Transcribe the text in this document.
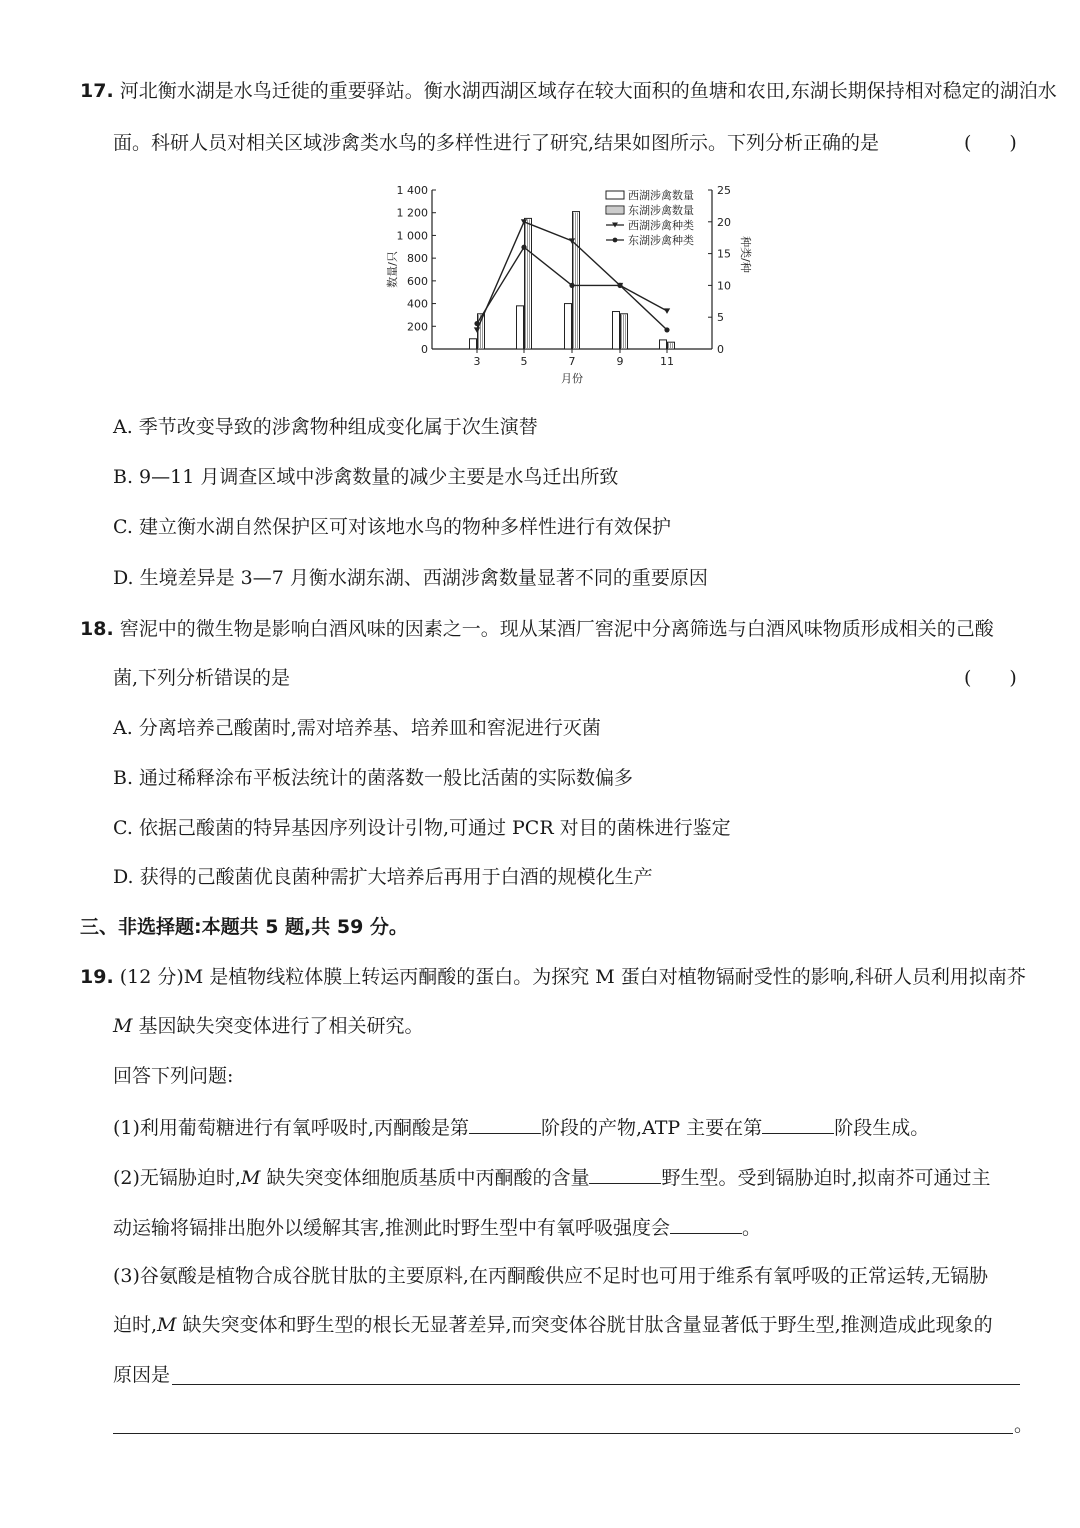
17. 河北衡水湖是水鸟迁徙的重要驿站。衡水湖西湖区域存在较大面积的鱼塘和农田,东湖长期保持相对稳定的湖泊水
面。科研人员对相关区域涉禽类水鸟的多样性进行了研究,结果如图所示。下列分析正确的是	(　　)
0
200
400
600
800
1 000
1 200
1 400
0
5
10
15
20
25
3	5	7	9	11
月份
数量/只	种类/种
西湖涉禽数量
东湖涉禽数量
西湖涉禽种类
东湖涉禽种类
A. 季节改变导致的涉禽物种组成变化属于次生演替
B. 9—11 月调查区域中涉禽数量的减少主要是水鸟迁出所致
C. 建立衡水湖自然保护区可对该地水鸟的物种多样性进行有效保护
D. 生境差异是 3—7 月衡水湖东湖、西湖涉禽数量显著不同的重要原因
18. 窖泥中的微生物是影响白酒风味的因素之一。现从某酒厂窖泥中分离筛选与白酒风味物质形成相关的己酸
菌,下列分析错误的是	(　　)
A. 分离培养己酸菌时,需对培养基、培养皿和窖泥进行灭菌
B. 通过稀释涂布平板法统计的菌落数一般比活菌的实际数偏多
C. 依据己酸菌的特异基因序列设计引物,可通过 PCR 对目的菌株进行鉴定
D. 获得的己酸菌优良菌种需扩大培养后再用于白酒的规模化生产
三、非选择题:本题共 5 题,共 59 分。
19. (12 分)M 是植物线粒体膜上转运丙酮酸的蛋白。为探究 M 蛋白对植物镉耐受性的影响,科研人员利用拟南芥
M 基因缺失突变体进行了相关研究。
回答下列问题:
(1)利用葡萄糖进行有氧呼吸时,丙酮酸是第	阶段的产物,ATP 主要在第	阶段生成。
(2)无镉胁迫时,M 缺失突变体细胞质基质中丙酮酸的含量	野生型。受到镉胁迫时,拟南芥可通过主
动运输将镉排出胞外以缓解其害,推测此时野生型中有氧呼吸强度会	。
(3)谷氨酸是植物合成谷胱甘肽的主要原料,在丙酮酸供应不足时也可用于维系有氧呼吸的正常运转,无镉胁
迫时,M 缺失突变体和野生型的根长无显著差异,而突变体谷胱甘肽含量显著低于野生型,推测造成此现象的
原因是
。
